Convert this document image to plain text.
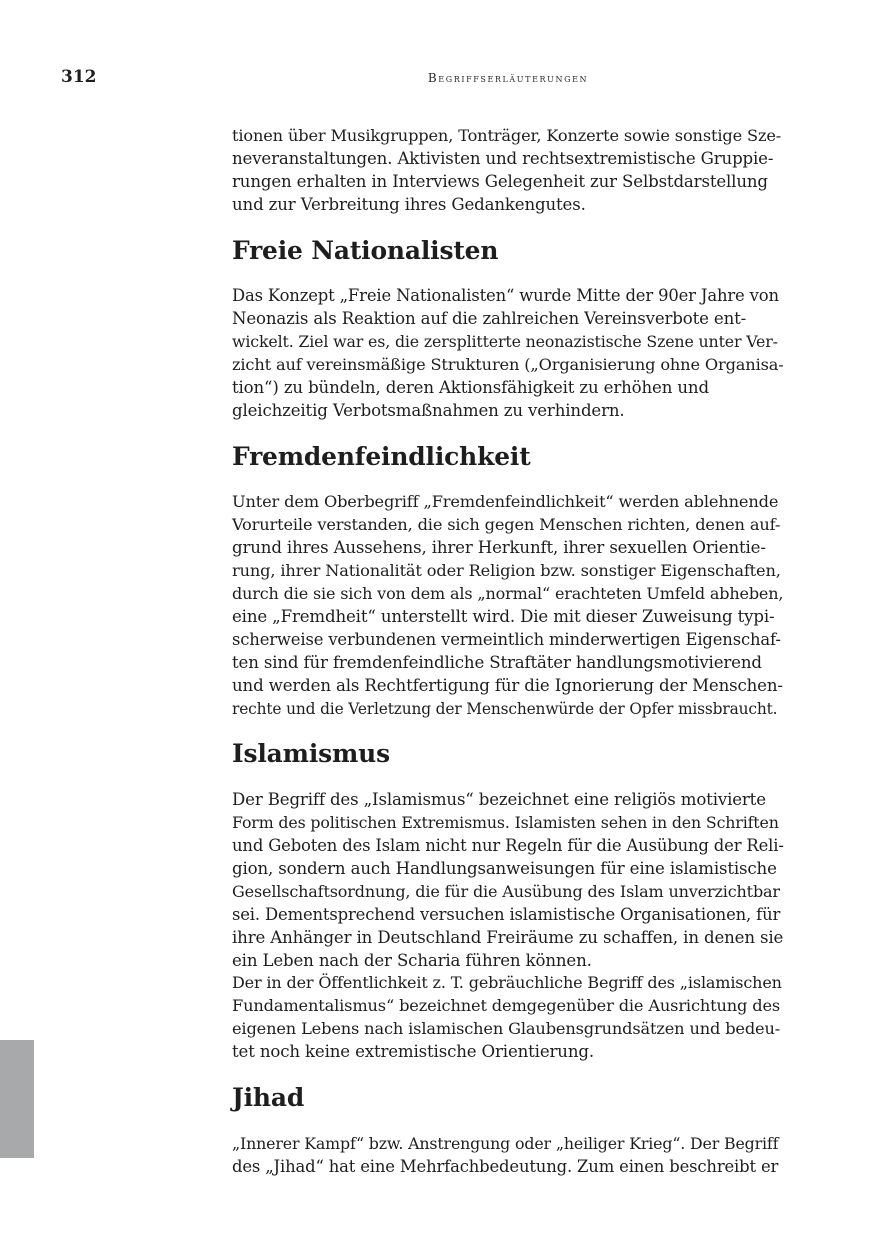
312	Begriffserläuterungen

tionen über Musikgruppen, Tonträger, Konzerte sowie sonstige Sze-
neveranstaltungen. Aktivisten und rechtsextremistische Gruppie-
rungen erhalten in Interviews Gelegenheit zur Selbstdarstellung
und zur Verbreitung ihres Gedankengutes.

Freie Nationalisten

Das Konzept „Freie Nationalisten“ wurde Mitte der 90er Jahre von
Neonazis als Reaktion auf die zahlreichen Vereinsverbote ent-
wickelt. Ziel war es, die zersplitterte neonazistische Szene unter Ver-
zicht auf vereinsmäßige Strukturen („Organisierung ohne Organisa-
tion“) zu bündeln, deren Aktionsfähigkeit zu erhöhen und
gleichzeitig Verbotsmaßnahmen zu verhindern.

Fremdenfeindlichkeit

Unter dem Oberbegriff „Fremdenfeindlichkeit“ werden ablehnende
Vorurteile verstanden, die sich gegen Menschen richten, denen auf-
grund ihres Aussehens, ihrer Herkunft, ihrer sexuellen Orientie-
rung, ihrer Nationalität oder Religion bzw. sonstiger Eigenschaften,
durch die sie sich von dem als „normal“ erachteten Umfeld abheben,
eine „Fremdheit“ unterstellt wird. Die mit dieser Zuweisung typi-
scherweise verbundenen vermeintlich minderwertigen Eigenschaf-
ten sind für fremdenfeindliche Straftäter handlungsmotivierend
und werden als Rechtfertigung für die Ignorierung der Menschen-
rechte und die Verletzung der Menschenwürde der Opfer missbraucht.

Islamismus

Der Begriff des „Islamismus“ bezeichnet eine religiös motivierte
Form des politischen Extremismus. Islamisten sehen in den Schriften
und Geboten des Islam nicht nur Regeln für die Ausübung der Reli-
gion, sondern auch Handlungsanweisungen für eine islamistische
Gesellschaftsordnung, die für die Ausübung des Islam unverzichtbar
sei. Dementsprechend versuchen islamistische Organisationen, für
ihre Anhänger in Deutschland Freiräume zu schaffen, in denen sie
ein Leben nach der Scharia führen können.
Der in der Öffentlichkeit z. T. gebräuchliche Begriff des „islamischen
Fundamentalismus“ bezeichnet demgegenüber die Ausrichtung des
eigenen Lebens nach islamischen Glaubensgrundsätzen und bedeu-
tet noch keine extremistische Orientierung.

Jihad

„Innerer Kampf“ bzw. Anstrengung oder „heiliger Krieg“. Der Begriff
des „Jihad“ hat eine Mehrfachbedeutung. Zum einen beschreibt er
